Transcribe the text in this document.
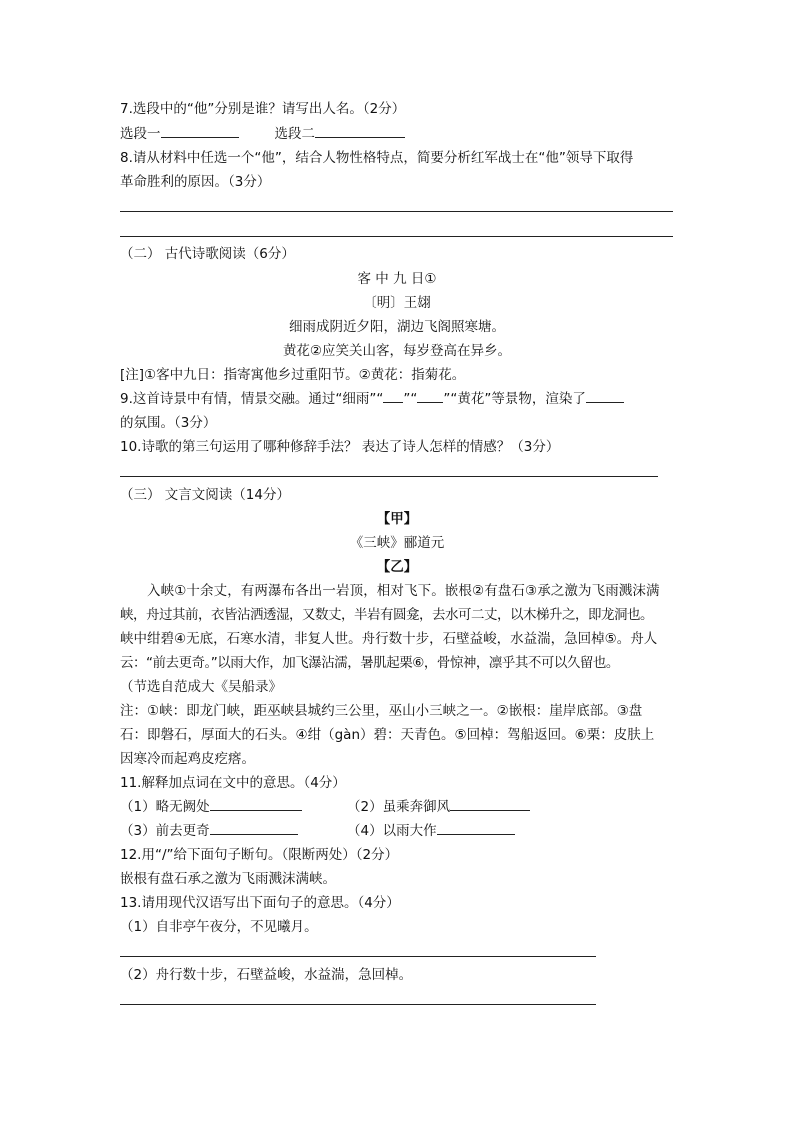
7.选段中的“他”分别是谁？请写出人名。（2分）
选段一	选段二
8.请从材料中任选一个“他”，结合人物性格特点，简要分析红军战士在“他”领导下取得
革命胜利的原因。（3分）
（二） 古代诗歌阅读（6分）
客 中 九 日①
〔明〕王翃
细雨成阴近夕阳，湖边飞阁照寒塘。
黄花②应笑关山客，每岁登高在异乡。
[注]①客中九日：指寄寓他乡过重阳节。②黄花：指菊花。
9.这首诗景中有情，情景交融。通过“细雨”“ ”“ ”“黄花”等景物，渲染了
的氛围。（3分）
10.诗歌的第三句运用了哪种修辞手法？ 表达了诗人怎样的情感？（3分）
（三） 文言文阅读（14分）
【甲】
《三峡》郦道元
【乙】
入峡①十余丈，有两瀑布各出一岩顶，相对飞下。嵌根②有盘石③承之激为飞雨溅沫满
峡，舟过其前，衣皆沾洒透湿，又数丈，半岩有圆龛，去水可二丈，以木梯升之，即龙洞也。
峡中绀碧④无底，石寒水清，非复人世。舟行数十步，石壁益峻，水益湍，急回棹⑤。舟人
云：“前去更奇。”以雨大作，加飞瀑沾濡，暑肌起栗⑥，骨惊神，凛乎其不可以久留也。
（节选自范成大《吴船录》
注：①峡：即龙门峡，距巫峡县城约三公里，巫山小三峡之一。②嵌根：崖岸底部。③盘
石：即磐石，厚面大的石头。④绀（gàn）碧：天青色。⑤回棹：驾船返回。⑥栗：皮肤上
因寒冷而起鸡皮疙瘩。
11.解释加点词在文中的意思。（4分）
（1）略无阙处	（2）虽乘奔御风
（3）前去更奇	（4）以雨大作
12.用“/”给下面句子断句。（限断两处）（2分）
嵌根有盘石承之激为飞雨溅沫满峡。
13.请用现代汉语写出下面句子的意思。（4分）
（1）自非亭午夜分，不见曦月。
（2）舟行数十步，石壁益峻，水益湍，急回棹。
